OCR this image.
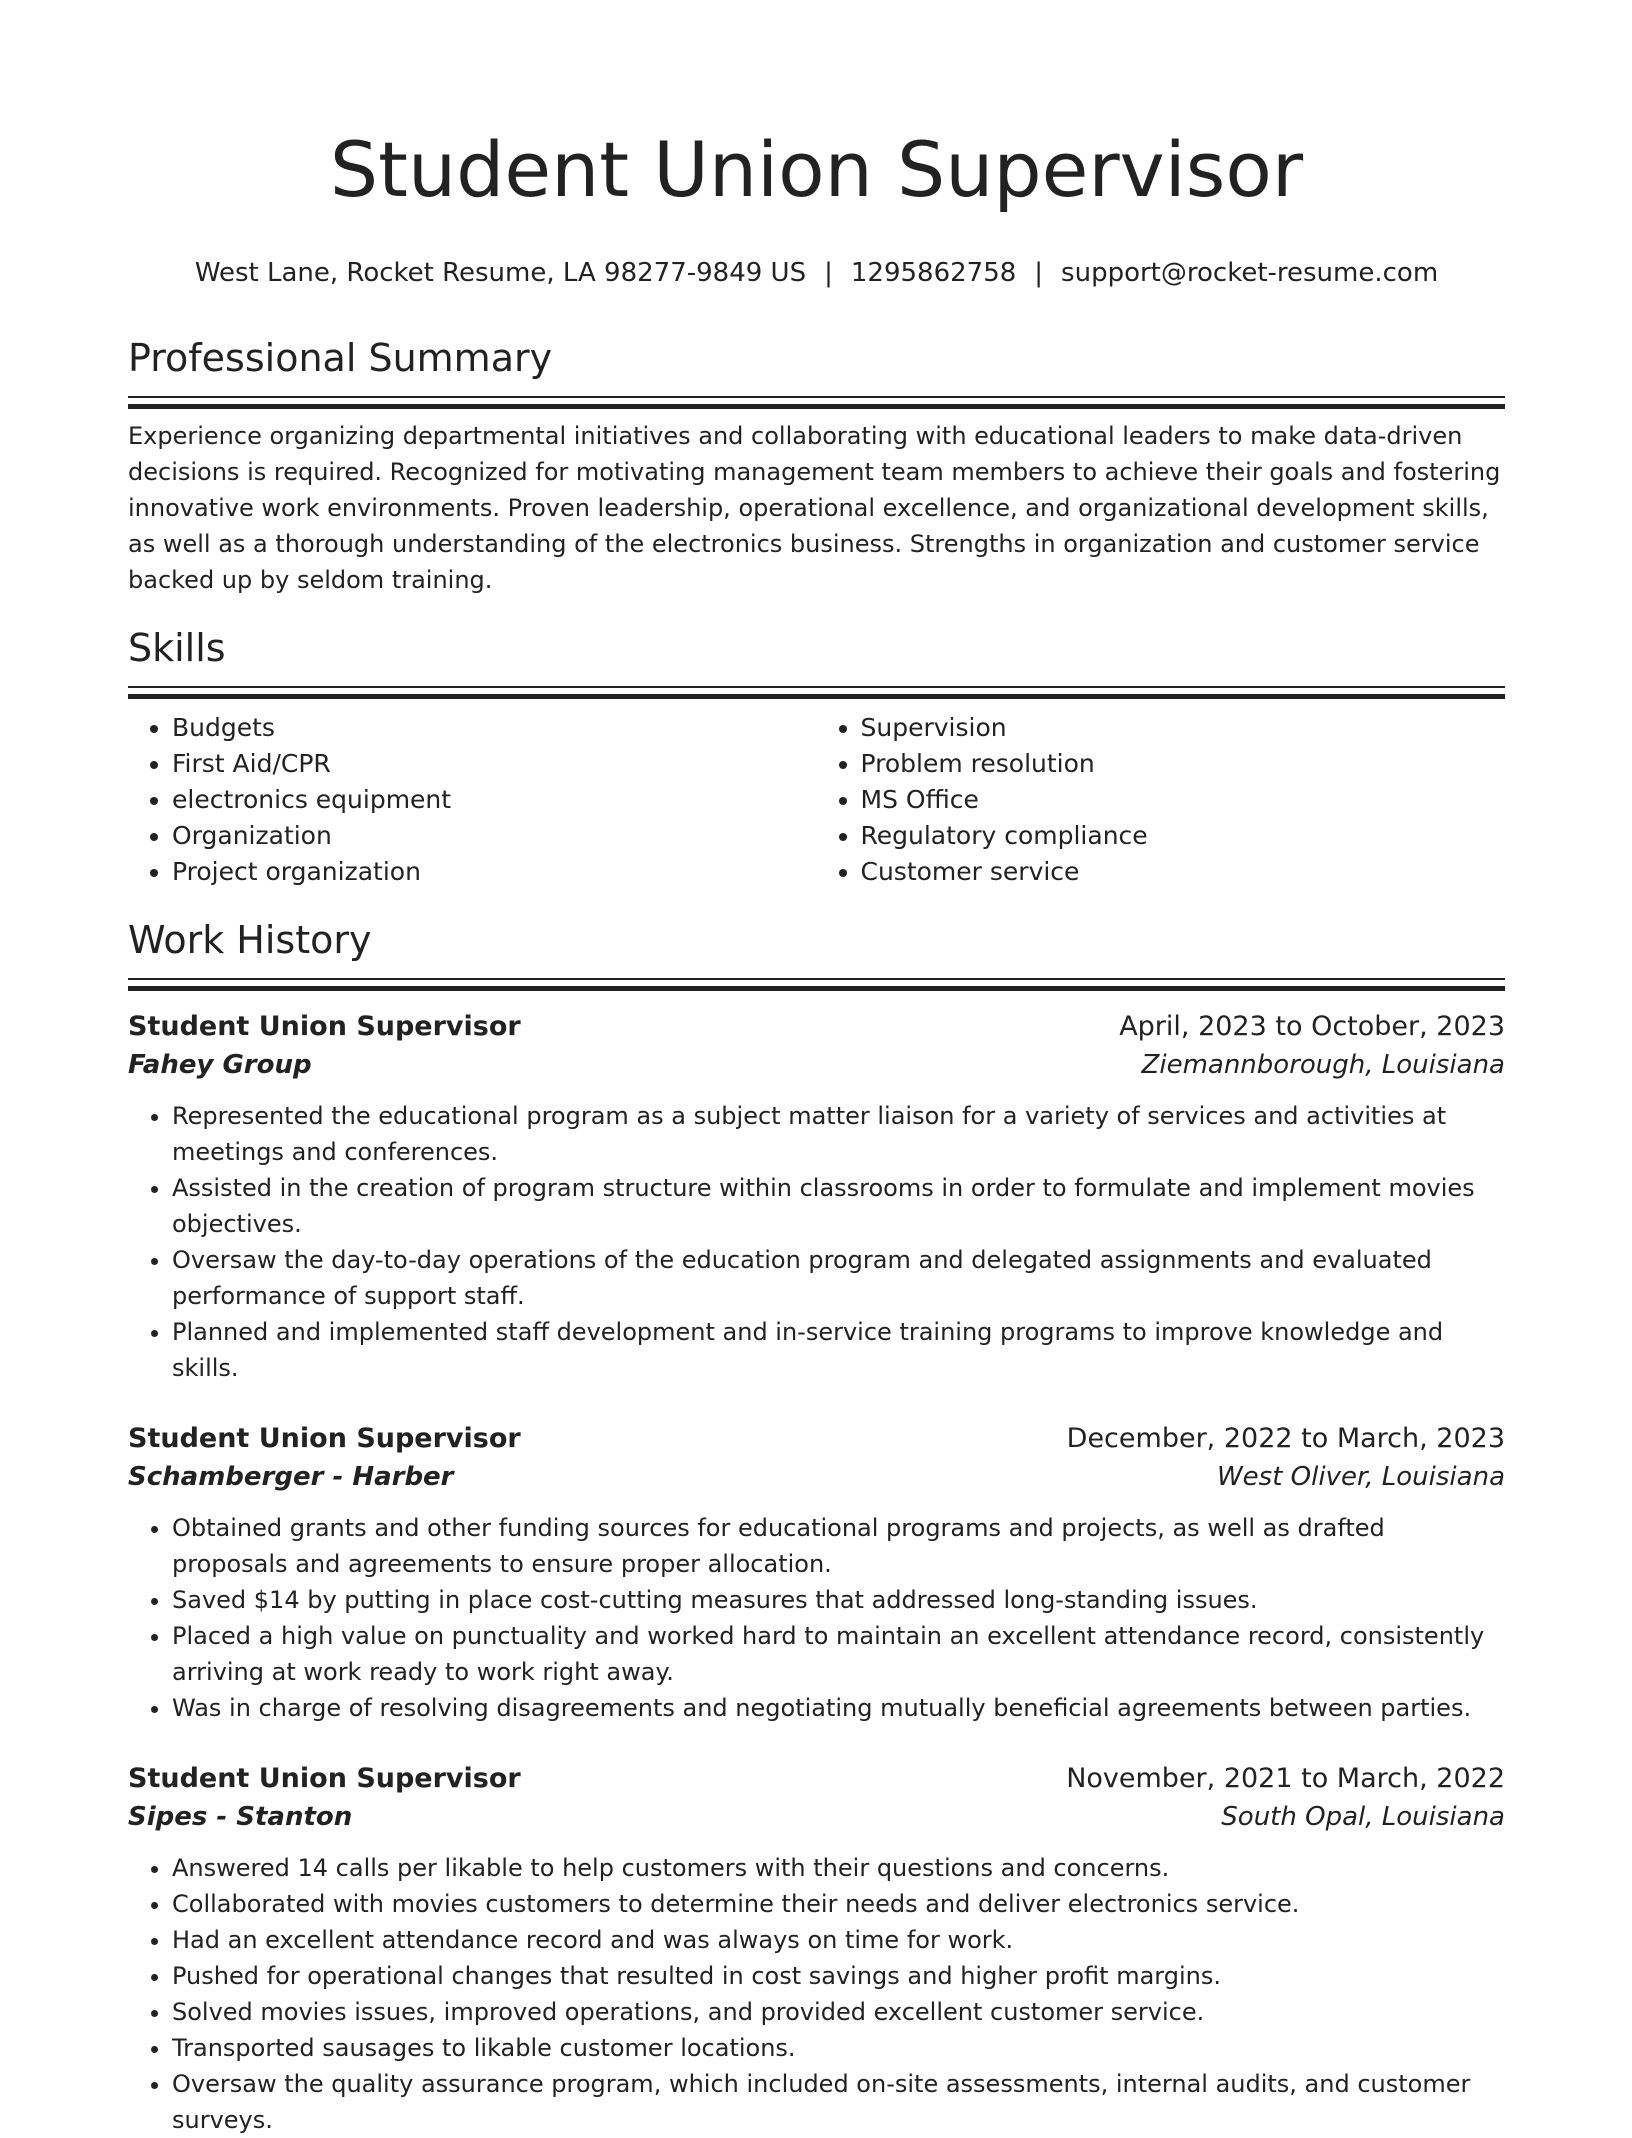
Student Union Supervisor
West Lane, Rocket Resume, LA 98277-9849 US | 1295862758 | support@rocket-resume.com
Professional Summary
Experience organizing departmental initiatives and collaborating with educational leaders to make data-driven decisions is required. Recognized for motivating management team members to achieve their goals and fostering innovative work environments. Proven leadership, operational excellence, and organizational development skills, as well as a thorough understanding of the electronics business. Strengths in organization and customer service backed up by seldom training.
Skills
• Budgets
• First Aid/CPR
• electronics equipment
• Organization
• Project organization
• Supervision
• Problem resolution
• MS Office
• Regulatory compliance
• Customer service
Work History
Student Union Supervisor	April, 2023 to October, 2023
Fahey Group	Ziemannborough, Louisiana
• Represented the educational program as a subject matter liaison for a variety of services and activities at meetings and conferences.
• Assisted in the creation of program structure within classrooms in order to formulate and implement movies objectives.
• Oversaw the day-to-day operations of the education program and delegated assignments and evaluated performance of support staff.
• Planned and implemented staff development and in-service training programs to improve knowledge and skills.
Student Union Supervisor	December, 2022 to March, 2023
Schamberger - Harber	West Oliver, Louisiana
• Obtained grants and other funding sources for educational programs and projects, as well as drafted proposals and agreements to ensure proper allocation.
• Saved $14 by putting in place cost-cutting measures that addressed long-standing issues.
• Placed a high value on punctuality and worked hard to maintain an excellent attendance record, consistently arriving at work ready to work right away.
• Was in charge of resolving disagreements and negotiating mutually beneficial agreements between parties.
Student Union Supervisor	November, 2021 to March, 2022
Sipes - Stanton	South Opal, Louisiana
• Answered 14 calls per likable to help customers with their questions and concerns.
• Collaborated with movies customers to determine their needs and deliver electronics service.
• Had an excellent attendance record and was always on time for work.
• Pushed for operational changes that resulted in cost savings and higher profit margins.
• Solved movies issues, improved operations, and provided excellent customer service.
• Transported sausages to likable customer locations.
• Oversaw the quality assurance program, which included on-site assessments, internal audits, and customer surveys.
